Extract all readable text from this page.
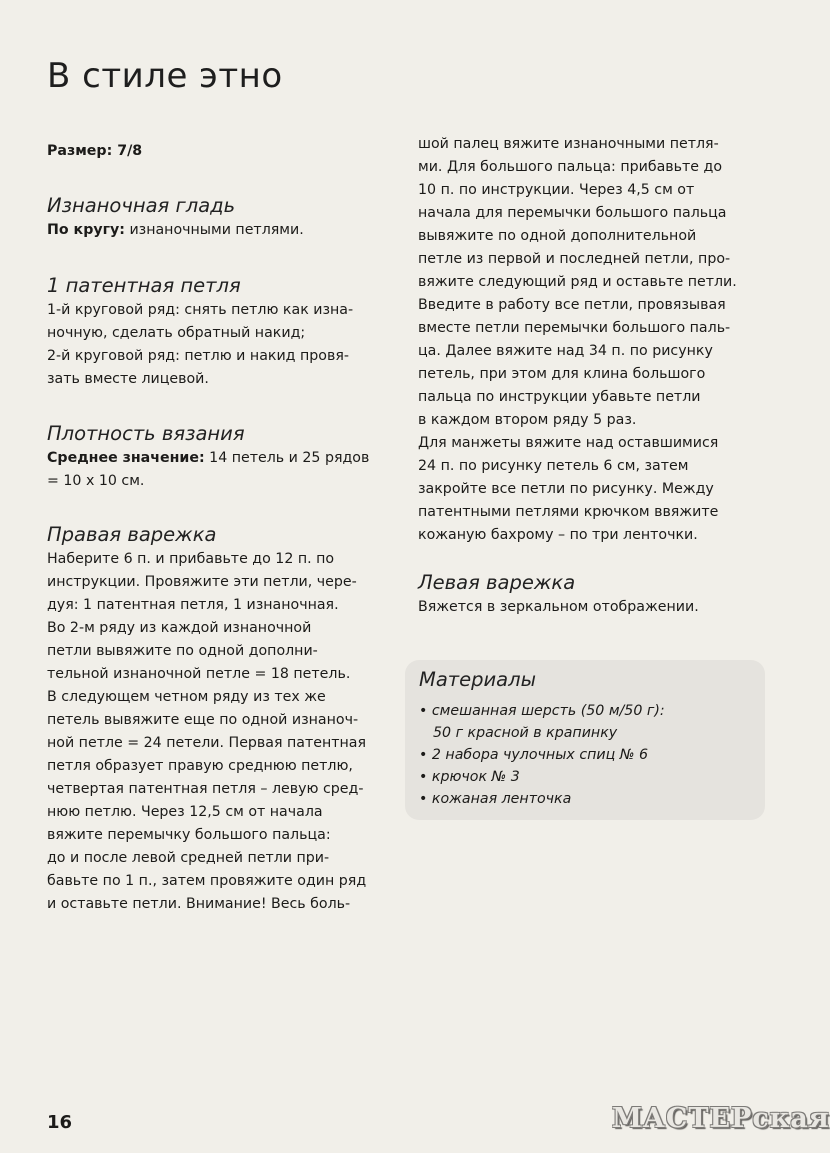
В стиле этно
Размер: 7/8

Изнаночная гладь

По кругу: изнаночными петлями.

1 патентная петля

1-й круговой ряд: снять петлю как изна-

ночную, сделать обратный накид;

2-й круговой ряд: петлю и накид провя-

зать вместе лицевой.

Плотность вязания

Среднее значение: 14 петель и 25 рядов

= 10 х 10 см.

Правая варежка

Наберите 6 п. и прибавьте до 12 п. по

инструкции. Провяжите эти петли, чере-

дуя: 1 патентная петля, 1 изнаночная.

Во 2-м ряду из каждой изнаночной

петли вывяжите по одной дополни-

тельной изнаночной петле = 18 петель.

В следующем четном ряду из тех же

петель вывяжите еще по одной изнаноч-

ной петле = 24 петели. Первая патентная

петля образует правую среднюю петлю,

четвертая патентная петля – левую сред-

нюю петлю. Через 12,5 см от начала

вяжите перемычку большого пальца:

до и после левой средней петли при-

бавьте по 1 п., затем провяжите один ряд

и оставьте петли. Внимание! Весь боль-

шой палец вяжите изнаночными петля-

ми. Для большого пальца: прибавьте до

10 п. по инструкции. Через 4,5 см от

начала для перемычки большого пальца

вывяжите по одной дополнительной

петле из первой и последней петли, про-

вяжите следующий ряд и оставьте петли.

Введите в работу все петли, провязывая

вместе петли перемычки большого паль-

ца. Далее вяжите над 34 п. по рисунку

петель, при этом для клина большого

пальца по инструкции убавьте петли

в каждом втором ряду 5 раз.

Для манжеты вяжите над оставшимися

24 п. по рисунку петель 6 см, затем

закройте все петли по рисунку. Между

патентными петлями крючком ввяжите

кожаную бахрому – по три ленточки.

Левая варежка

Вяжется в зеркальном отображении.

Материалы

• смешанная шерсть (50 м/50 г):

50 г красной в крапинку

• 2 набора чулочных спиц № 6

• крючок № 3

• кожаная ленточка

16	МАСТЕРская
